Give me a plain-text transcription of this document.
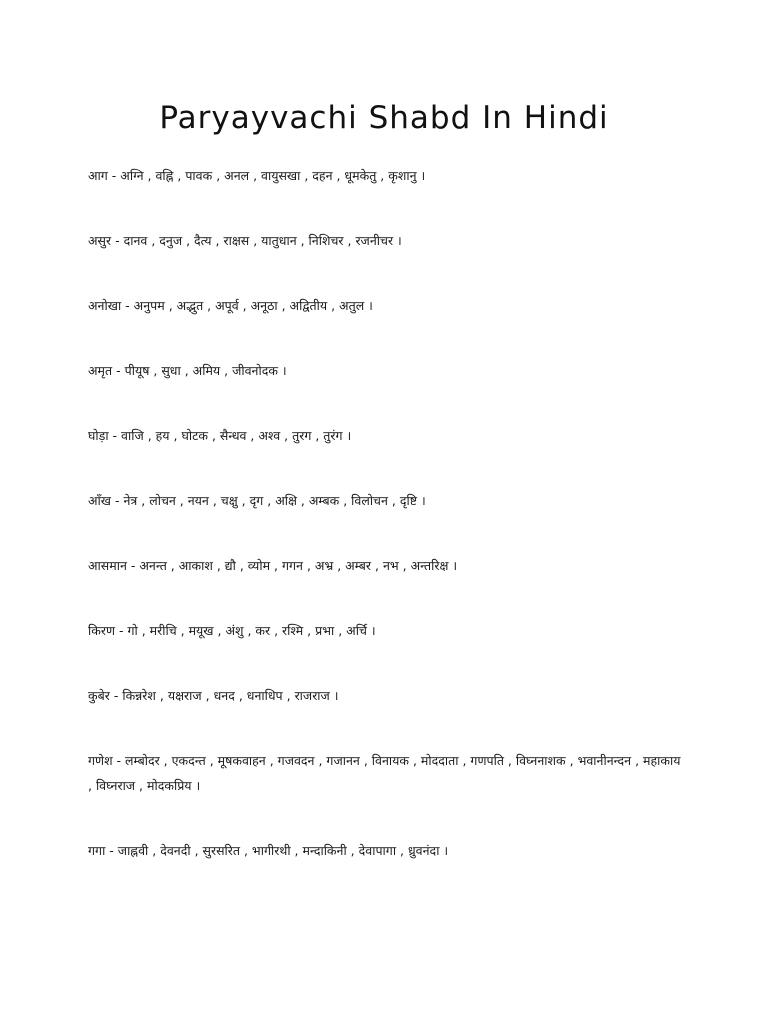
Paryayvachi Shabd In Hindi
आग - अग्नि , वह्नि , पावक , अनल , वायुसखा , दहन , धूमकेतु , कृशानु ।
असुर - दानव , दनुज , दैत्य , राक्षस , यातुधान , निशिचर , रजनीचर ।
अनोखा - अनुपम , अद्भुत , अपूर्व , अनूठा , अद्वितीय , अतुल ।
अमृत - पीयूष , सुधा , अमिय , जीवनोदक ।
घोड़ा - वाजि , हय , घोटक , सैन्धव , अश्व , तुरग , तुरंग ।
आँख - नेत्र , लोचन , नयन , चक्षु , दृग , अक्षि , अम्बक , विलोचन , दृष्टि ।
आसमान - अनन्त , आकाश , द्यौ , व्योम , गगन , अभ्र , अम्बर , नभ , अन्तरिक्ष ।
किरण - गो , मरीचि , मयूख , अंशु , कर , रश्मि , प्रभा , अर्चि ।
कुबेर - किन्नरेश , यक्षराज , धनद , धनाधिप , राजराज ।
गणेश - लम्बोदर , एकदन्त , मूषकवाहन , गजवदन , गजानन , विनायक , मोददाता , गणपति , विघ्ननाशक , भवानीनन्दन , महाकाय , विघ्नराज , मोदकप्रिय ।
गगा - जाह्नवी , देवनदी , सुरसरित , भागीरथी , मन्दाकिनी , देवापागा , ध्रुवनंदा ।
